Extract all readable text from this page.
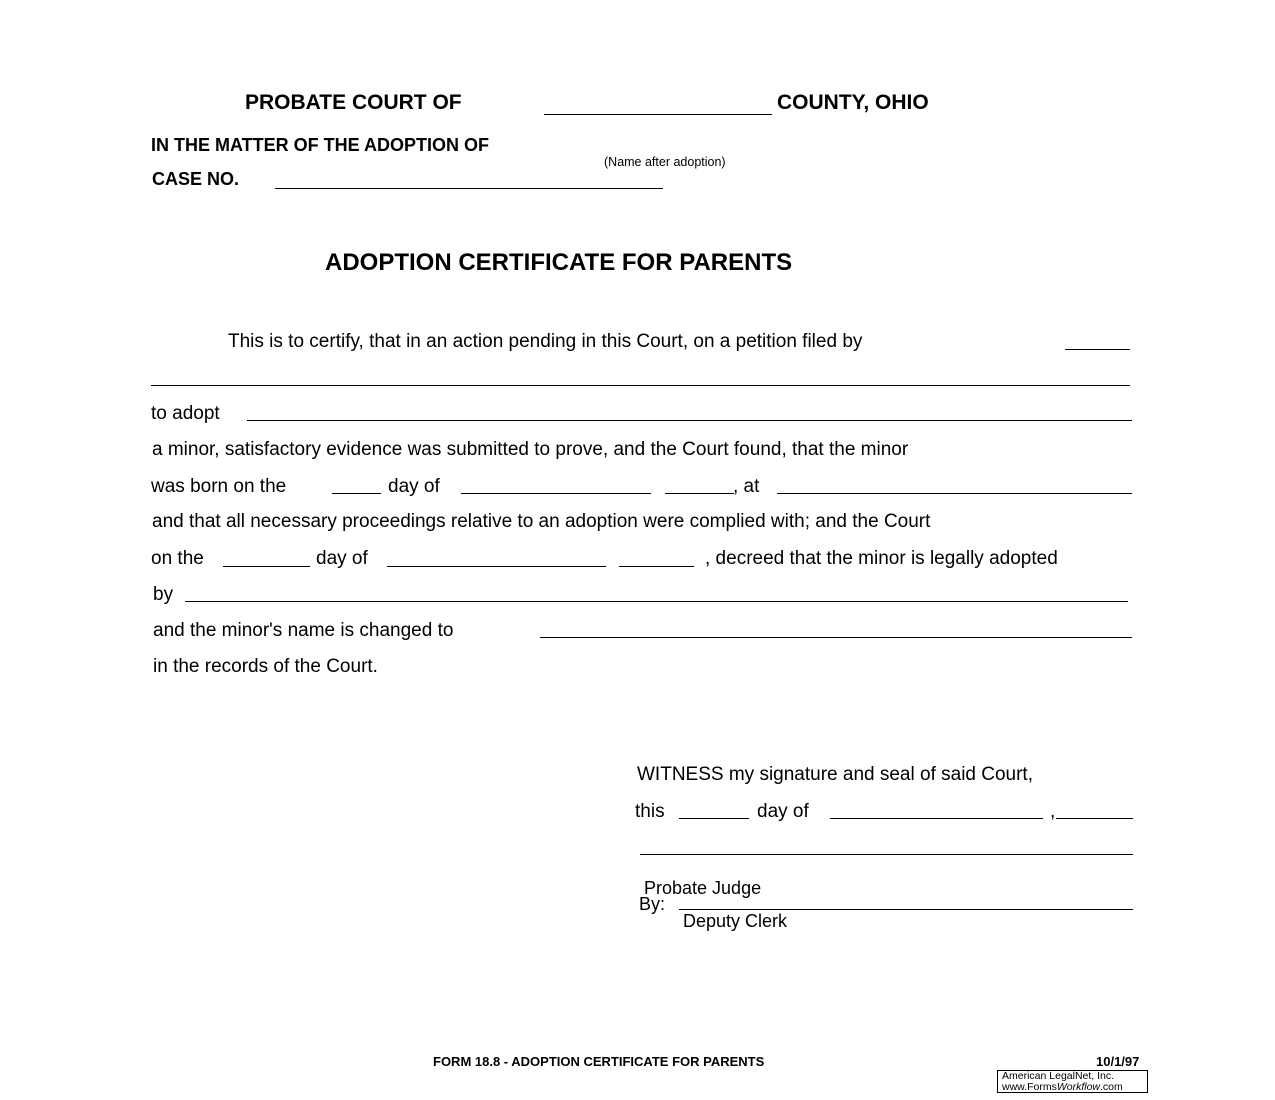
PROBATE COURT OF	COUNTY, OHIO
IN THE MATTER OF THE ADOPTION OF
(Name after adoption)
CASE NO.
ADOPTION CERTIFICATE FOR PARENTS
This is to certify, that in an action pending in this Court, on a petition filed by
to adopt
a minor, satisfactory evidence was submitted to prove, and the Court found, that the minor
was born on the	day of	, at
and that all necessary proceedings relative to an adoption were complied with; and the Court
on the	day of	, decreed that the minor is legally adopted
by
and the minor's name is changed to
in the records of the Court.
WITNESS my signature and seal of said Court,
this	day of	,
Probate Judge
By:
Deputy Clerk
FORM 18.8 - ADOPTION CERTIFICATE FOR PARENTS	10/1/97
American LegalNet, Inc.
www.FormsWorkflow.com
